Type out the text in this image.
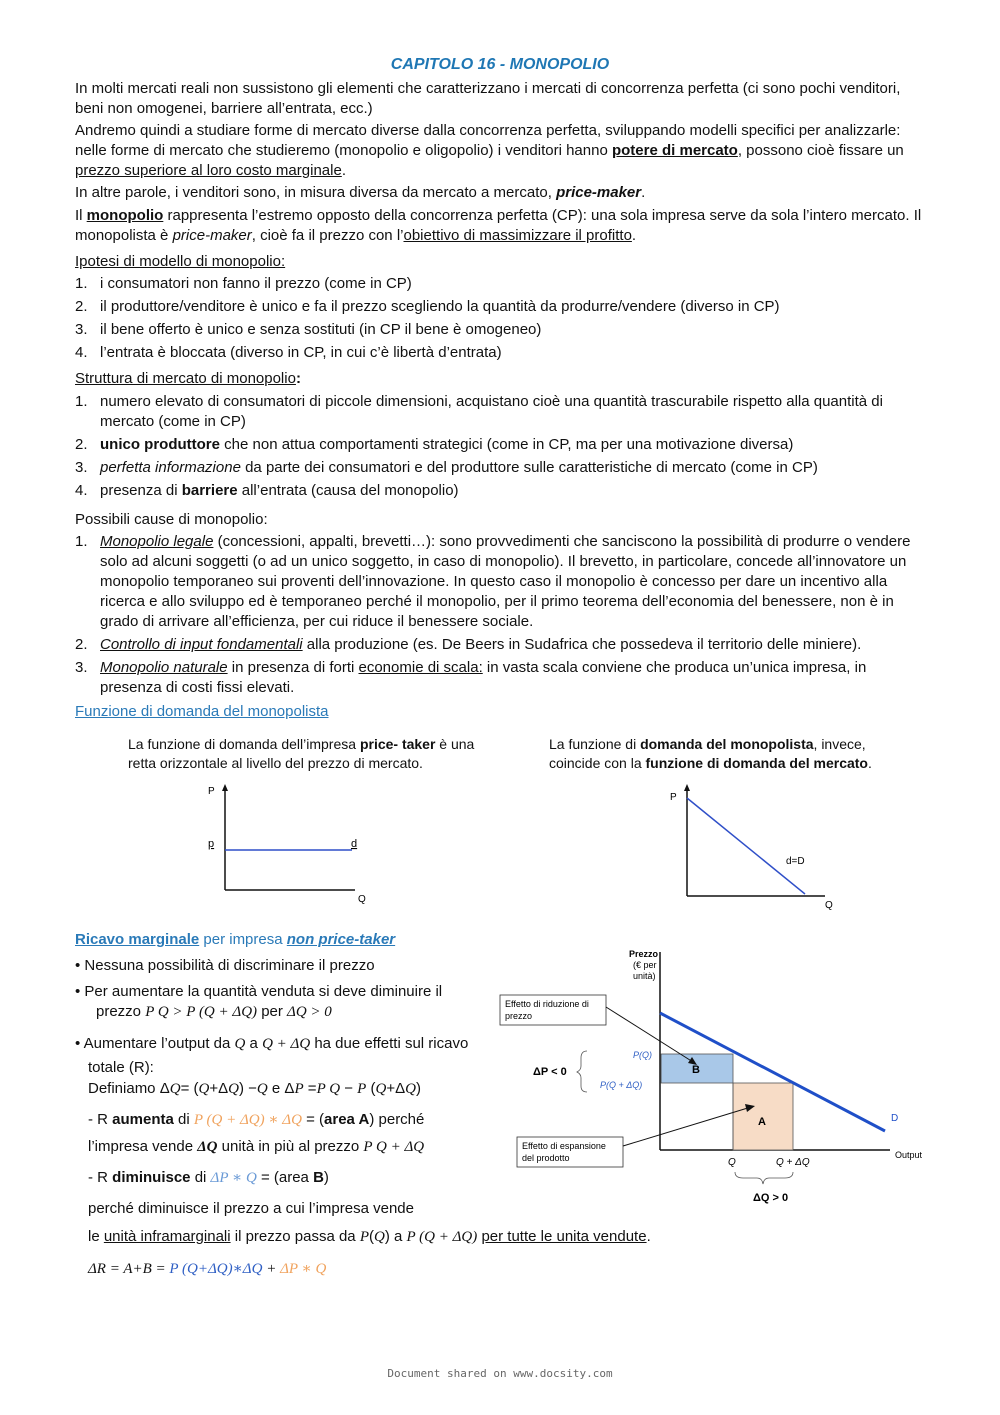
CAPITOLO 16 - MONOPOLIO
In molti mercati reali non sussistono gli elementi che caratterizzano i mercati di concorrenza perfetta (ci sono pochi venditori, beni non omogenei, barriere all’entrata, ecc.)
Andremo quindi a studiare forme di mercato diverse dalla concorrenza perfetta, sviluppando modelli specifici per analizzarle: nelle forme di mercato che studieremo (monopolio e oligopolio) i venditori hanno potere di mercato, possono cioè fissare un prezzo superiore al loro costo marginale.
In altre parole, i venditori sono, in misura diversa da mercato a mercato, price-maker.
Il monopolio rappresenta l’estremo opposto della concorrenza perfetta (CP): una sola impresa serve da sola l’intero mercato. Il monopolista è price-maker, cioè fa il prezzo con l’obiettivo di massimizzare il profitto.
Ipotesi di modello di monopolio:
1. i consumatori non fanno il prezzo (come in CP)
2. il produttore/venditore è unico e fa il prezzo scegliendo la quantità da produrre/vendere (diverso in CP)
3. il bene offerto è unico e senza sostituti (in CP il bene è omogeneo)
4. l’entrata è bloccata (diverso in CP, in cui c’è libertà d’entrata)
Struttura di mercato di monopolio:
1. numero elevato di consumatori di piccole dimensioni, acquistano cioè una quantità trascurabile rispetto alla quantità di mercato (come in CP)
2. unico produttore che non attua comportamenti strategici (come in CP, ma per una motivazione diversa)
3. perfetta informazione da parte dei consumatori e del produttore sulle caratteristiche di mercato (come in CP)
4. presenza di barriere all’entrata (causa del monopolio)
Possibili cause di monopolio:
1. Monopolio legale (concessioni, appalti, brevetti…): sono provvedimenti che sanciscono la possibilità di produrre o vendere solo ad alcuni soggetti (o ad un unico soggetto, in caso di monopolio). Il brevetto, in particolare, concede all’innovatore un monopolio temporaneo sui proventi dell’innovazione. In questo caso il monopolio è concesso per dare un incentivo alla ricerca e allo sviluppo ed è temporaneo perché il monopolio, per il primo teorema dell’economia del benessere, non è in grado di arrivare all’efficienza, per cui riduce il benessere sociale.
2. Controllo di input fondamentali alla produzione (es. De Beers in Sudafrica che possedeva il territorio delle miniere).
3. Monopolio naturale in presenza di forti economie di scala: in vasta scala conviene che produca un’unica impresa, in presenza di costi fissi elevati.
Funzione di domanda del monopolista
La funzione di domanda dell’impresa price- taker è una retta orizzontale al livello del prezzo di mercato.
La funzione di domanda del monopolista, invece, coincide con la funzione di domanda del mercato.
P
p	d
Q
P
d=D
Q
Ricavo marginale per impresa non price-taker
• Nessuna possibilità di discriminare il prezzo
• Per aumentare la quantità venduta si deve diminuire il
prezzo P Q > P (Q + ΔQ) per ΔQ > 0
• Aumentare l’output da Q a Q + ΔQ ha due effetti sul ricavo
totale (R):
Definiamo ΔQ= (Q+ΔQ) −Q e ΔP =P Q − P (Q+ΔQ)
- R aumenta di P (Q + ΔQ) ∗ ΔQ = (area A) perché
l’impresa vende ΔQ unità in più al prezzo P Q + ΔQ
- R diminuisce di ΔP ∗ Q = (area B)
perché diminuisce il prezzo a cui l’impresa vende
le unità inframarginali il prezzo passa da P(Q) a P (Q + ΔQ) per tutte le unita vendute.
ΔR = A+B = P (Q+ΔQ)∗ΔQ + ΔP ∗ Q
Prezzo
(€ per
unità)
Output
D
B
A
P(Q)
P(Q + ΔQ)
ΔP < 0
Q	Q + ΔQ
ΔQ > 0
Effetto di riduzione di
prezzo
Effetto di espansione
del prodotto
Document shared on www.docsity.com
